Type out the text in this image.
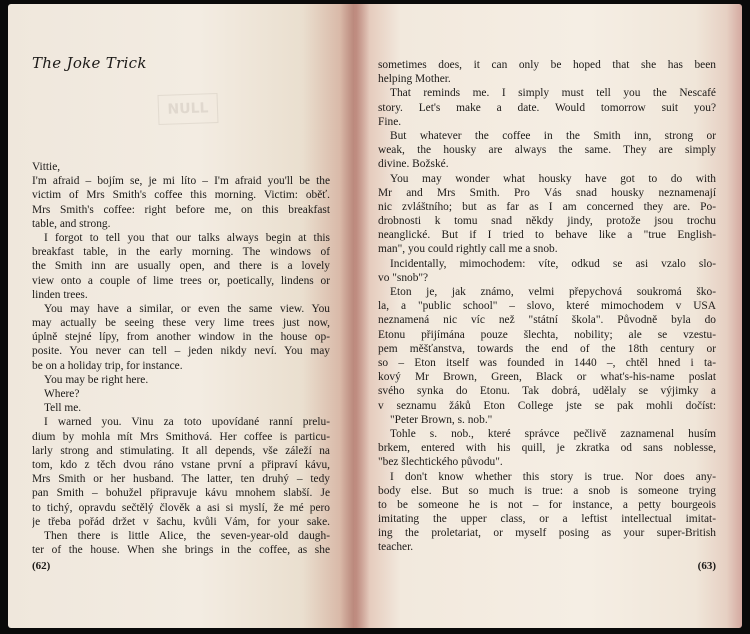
The Joke Trick
NULL
Vittie,
I'm afraid – bojím se, je mi líto – I'm afraid you'll be the
victim of Mrs Smith's coffee this morning. Victim: oběť.
Mrs Smith's coffee: right before me, on this breakfast
table, and strong.
I forgot to tell you that our talks always begin at this
breakfast table, in the early morning. The windows of
the Smith inn are usually open, and there is a lovely
view onto a couple of lime trees or, poetically, lindens or
linden trees.
You may have a similar, or even the same view. You
may actually be seeing these very lime trees just now,
úplně stejné lípy, from another window in the house op-
posite. You never can tell – jeden nikdy neví. You may
be on a holiday trip, for instance.
You may be right here.
Where?
Tell me.
I warned you. Vinu za toto upovídané ranní prelu-
dium by mohla mít Mrs Smithová. Her coffee is particu-
larly strong and stimulating. It all depends, vše záleží na
tom, kdo z těch dvou ráno vstane první a připraví kávu,
Mrs Smith or her husband. The latter, ten druhý – tedy
pan Smith – bohužel připravuje kávu mnohem slabší. Je
to tichý, opravdu sečtělý člověk a asi si myslí, že mé pero
je třeba pořád držet v šachu, kvůli Vám, for your sake.
Then there is little Alice, the seven-year-old daugh-
ter of the house. When she brings in the coffee, as she
(62)
sometimes does, it can only be hoped that she has been
helping Mother.
That reminds me. I simply must tell you the Nescafé
story. Let's make a date. Would tomorrow suit you?
Fine.
But whatever the coffee in the Smith inn, strong or
weak, the housky are always the same. They are simply
divine. Božské.
You may wonder what housky have got to do with
Mr and Mrs Smith. Pro Vás snad housky neznamenají
nic zvláštního; but as far as I am concerned they are. Po-
drobnosti k tomu snad někdy jindy, protože jsou trochu
neanglické. But if I tried to behave like a "true English-
man", you could rightly call me a snob.
Incidentally, mimochodem: víte, odkud se asi vzalo slo-
vo "snob"?
Eton je, jak známo, velmi přepychová soukromá ško-
la, a "public school" – slovo, které mimochodem v USA
neznamená nic víc než "státní škola". Původně byla do
Etonu přijímána pouze šlechta, nobility; ale se vzestu-
pem měšťanstva, towards the end of the 18th century or
so – Eton itself was founded in 1440 –, chtěl hned i ta-
kový Mr Brown, Green, Black or what's-his-name poslat
svého synka do Etonu. Tak dobrá, udělaly se výjimky a
v seznamu žáků Eton College jste se pak mohli dočíst:
"Peter Brown, s. nob."
Tohle s. nob., které správce pečlivě zaznamenal husím
brkem, entered with his quill, je zkratka od sans noblesse,
"bez šlechtického původu".
I don't know whether this story is true. Nor does any-
body else. But so much is true: a snob is someone trying
to be someone he is not – for instance, a petty bourgeois
imitating the upper class, or a leftist intellectual imitat-
ing the proletariat, or myself posing as your super-British
teacher.
(63)
